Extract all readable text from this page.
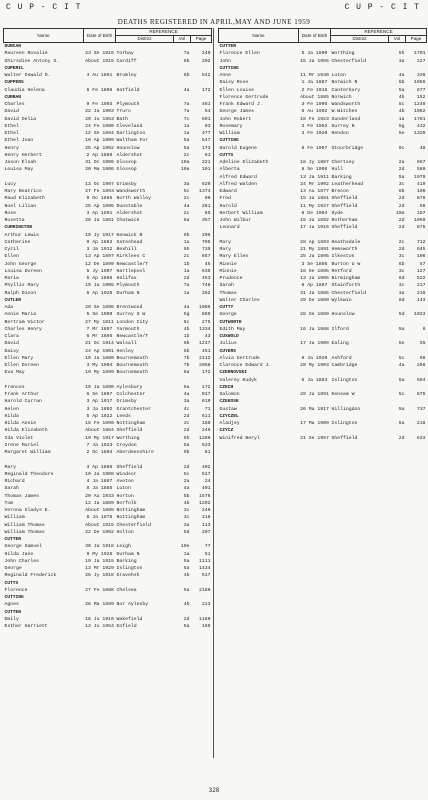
C U P - C I T	C U P - C I T
DEATHS REGISTERED IN APRIL,MAY AND JUNE 1959
Name	Date of Birth	REFERENCE		
		District	Vol	Page
DUNCAN				
Maureen Rosalie	23 Se 1916	Torbay	7a	240
Shirsdine Antony S.	About 1915	Cardiff	8b	202
CUPERIL				
Walter Oswald O.	4 Au 1891	Bromley	5b	542
CUPPERS				
Claudia Helena	6 Fe 1896	Hatfield	4a	172
CURRAN				
Charles	9 Fe 1903	Plymouth	7a	461
David	22 Ja 1903	Truro	7a	54
David Delia	20 Ju 1953	Bath	7c	601
Ethel	24 Fe 1900	Cleveland	1a	93
Ethel	12 Se 1894	Darlington	1a	477
Ethel Joan	10 Ap 1909	Waltham For	5a	547
Henry	25 Ap 1902	Hounslow	5a	173
Henry Herbert	2 Ap 1889	Aldershot	2c	61
Jason Elsah	31 Oc 1906	Glossop	10a	221
Louisa May	20 Ma 1906	Glossop	10a	101

Lucy	13 Oc 1907	Grimsby	3a	620
Mary Beatrice	27 Fe 1893	Wandsworth	5c	1374
Maud Elizabeth	9 Oc 1885	North Walley	2c	90
Noel Lilian	25 Ap 1895	Dunstable	4a	261
Rose	3 Ap 1891	Aldershot	2c	65
Rosetta	26 Ja 1881	Chatwick	6a	357
CURRINGTON				
Arthur Lewis	19 Jy 1917	Kenwick B	9b	205
Catherine	9 Ap 1883	Gateshead	1a	705
Cyril	3 Ja 1912	Bexhill	5h	735
Ellen	13 Ap 1897	Kirklees C	2c	657
John George	12 De 1899	Newcastle/T	1b	45
Louisa Doreen	5 Jy 1907	Hartlepool	1a	635
Maria	5 Ap 1886	Halifax	2d	453
Phyllis Mary	19 Ja 1905	Plymouth	7a	748
Ralph Dixon	6 Ap 1929	Durham N	1a	262
CUTLER				
Ada	20 Se 1896	Brentwood	4a	1005
Annie Maria	5 Se 1909	Surrey S W	5g	685
Bertram Victor	27 My 1911	London City	5c	275
Charles Henry	7 Mr 1897	Yarmouth	4b	1334
Clara	6 Mr 1895	Newcastle/T	1b	43
David	21 Oc 1914	Walsall	9b	1247
Daisy	24 Ap 1901	Henley	5b	451
Ellen Mary	10 Ja 1880	Bournemouth	7b	2112
Ellen Doreen	3 My 1904	Bournemouth	7b	2058
Eva May	19 My 1899	Bournemouth	6a	172

Frances	10 Ja 1890	Aylesbury	6a	172
Frank Arthur	6 Se 1897	Colchester	4a	917
Harold Curran	3 Ap 1917	Grimsby	3a	619
Helen	3 Ja 1892	Grantchester	4c	71
Hilda	5 Ap 1922	Leeds	2d	611
Hilda Annie	18 Fe 1890	Nottingham	3c	160
Hilda Elizabeth	About 1884	Sheffield	2d	245
Ida Violet	19 My 1917	Worthing	5h	1288
Irene Muriel	7 Ja 1923	Croydon	5a	533
Margaret William	2 Oc 1894	Aberdeenshire	9b	81

Mary	3 Ap 1888	Sheffield	2d	402
Reginald Theodore	10 Ja 1908	Windsor	5c	517
Richard	4 Ja 1887	Aveton	2a	24
Sarah	8 Ja 1885	Luton	4a	401
Thomas James	20 Au 1933	Horton	5b	1576
Tom	12 Ja 1889	Norfolk	4b	1202
Verona Gladys E.	About 1885	Nottingham	3c	240
William	8 Ja 1878	Nottingham	3c	218
William Thomas	About 1915	Chesterfield	3a	113
William Thomas	22 De 1902	Holton	5d	207
CUTTER				
George Samuel	30 Ja 1918	Leigh	10e	77
Hilda Jane	9 My 1926	Durham N	1a	51
John Charles	19 Ja 1915	Barking	5a	1111
George	13 Mr 1929	Islington	5a	1434
Reginald Frederick	26 Jy 1918	Gravehsh	4b	517
CUTTS				
Florence	27 Fe 1888	Chelsea	5a	2180
CUTTING				
Agnes	28 Ma 1889	Nor Aylesby	4b	213
CUTTEN				
Emily	16 Ju 1910	Wakefield	2d	1180
Esther Harriett	13 Ju 1954	Enfield	5a	185
Name	Date of Birth	REFERENCE		
		District	Vol	Page
CUTTER				
Florence Ellen	5 Ja 1890	Worthing	5h	1701
John	15 Ja 1955	Chesterfield	3a	127
CUTTING				
Anne	11 Mr 1930	Luton	4a	336
Daisy Rose	1 Ja 1887	Norwich N	6b	1055
Ellen Louise	2 Fe 1915	Canterbury	5a	677
Florence Gertrude	About 1885	Norwich	4b	152
Frank Edward J.	3 Fe 1906	Wandsworth	5c	1249
George James	6 Au 1902	W.Witchen	4b	1062
John Robert	18 Fe 1923	Sunderland	1a	1781
Rosemary	3 Fe 1952	Surrey N	5g	432
William	3 Fe 1920	Hendon	5e	1320
CUTTING				
Harold Eugene	8 Fe 1907	Stourbridge	9c	48
CUTTS				
Adeline Elizabeth	18 Jy 1887	Chertsey	2a	667
Alberta	8 Se 1906	Hull	2d	580
Alfred Edward	13 Ja 1911	Barking	5a	1079
Alfred Walden	24 Mr 1902	Leatherhead	3c	419
Edward	13 Au 1877	Brecon	8b	106
Fred	15 Ja 1881	Sheffield	2d	876
Harold	11 My 1927	Sheffield	2d	58
Herbert William	8 De 1904	Hyde	10a	107
John Wilbur	15 Ja 1892	Rotherham	2d	1069
Leonard	17 Ja 1916	Sheffield	2d	875

Mary	28 Ap 1893	Heathsdale	2c	712
Mary	21 My 1891	Hemsworth	2d	645
Mary Ellen	25 Ja 1895	Ilkeston	3c	106
Minnie	3 Se 1886	Burton U W	6b	57
Minnie	16 Se 1895	Retford	3c	127
Prudence	13 Ja 1905	Birmingham	6d	522
Sarah	8 Ap 1887	Stainforth	3c	217
Thomas	31 Ja 1885	Chesterfield	3a	216
Walter Charles	29 De 1889	Wylkwin	8d	143
CUTTY				
George	28 Se 1889	Hounslow	5d	1023
CUTWORTH				
Edith May	16 Ja 1888	Ilford	5a	6
CUXWOLD				
Julius	17 Ja 1909	Ealing	5e	55
CUYERS				
Alvia Gertrude	9 Ja 1920	Ashford	5c	68
Clarence Edward J.	20 My 1903	Cambridge	4a	266
CZERNOVSKI				
Valerey Kudyk	6 Ja 1883	Islington	5a	594
CZECH				
Salomon	29 Ja 1891	Kensam W	5c	875
CZEKOSK				
Gustaw	26 Ma 1917	Hillingdon	5a	737
CZYCZEL				
Aladjey	17 Ma 1909	Islington	5a	218
CZYCZ				
Winifred Beryl	21 Se 1957	Sheffield	2d	633
328
